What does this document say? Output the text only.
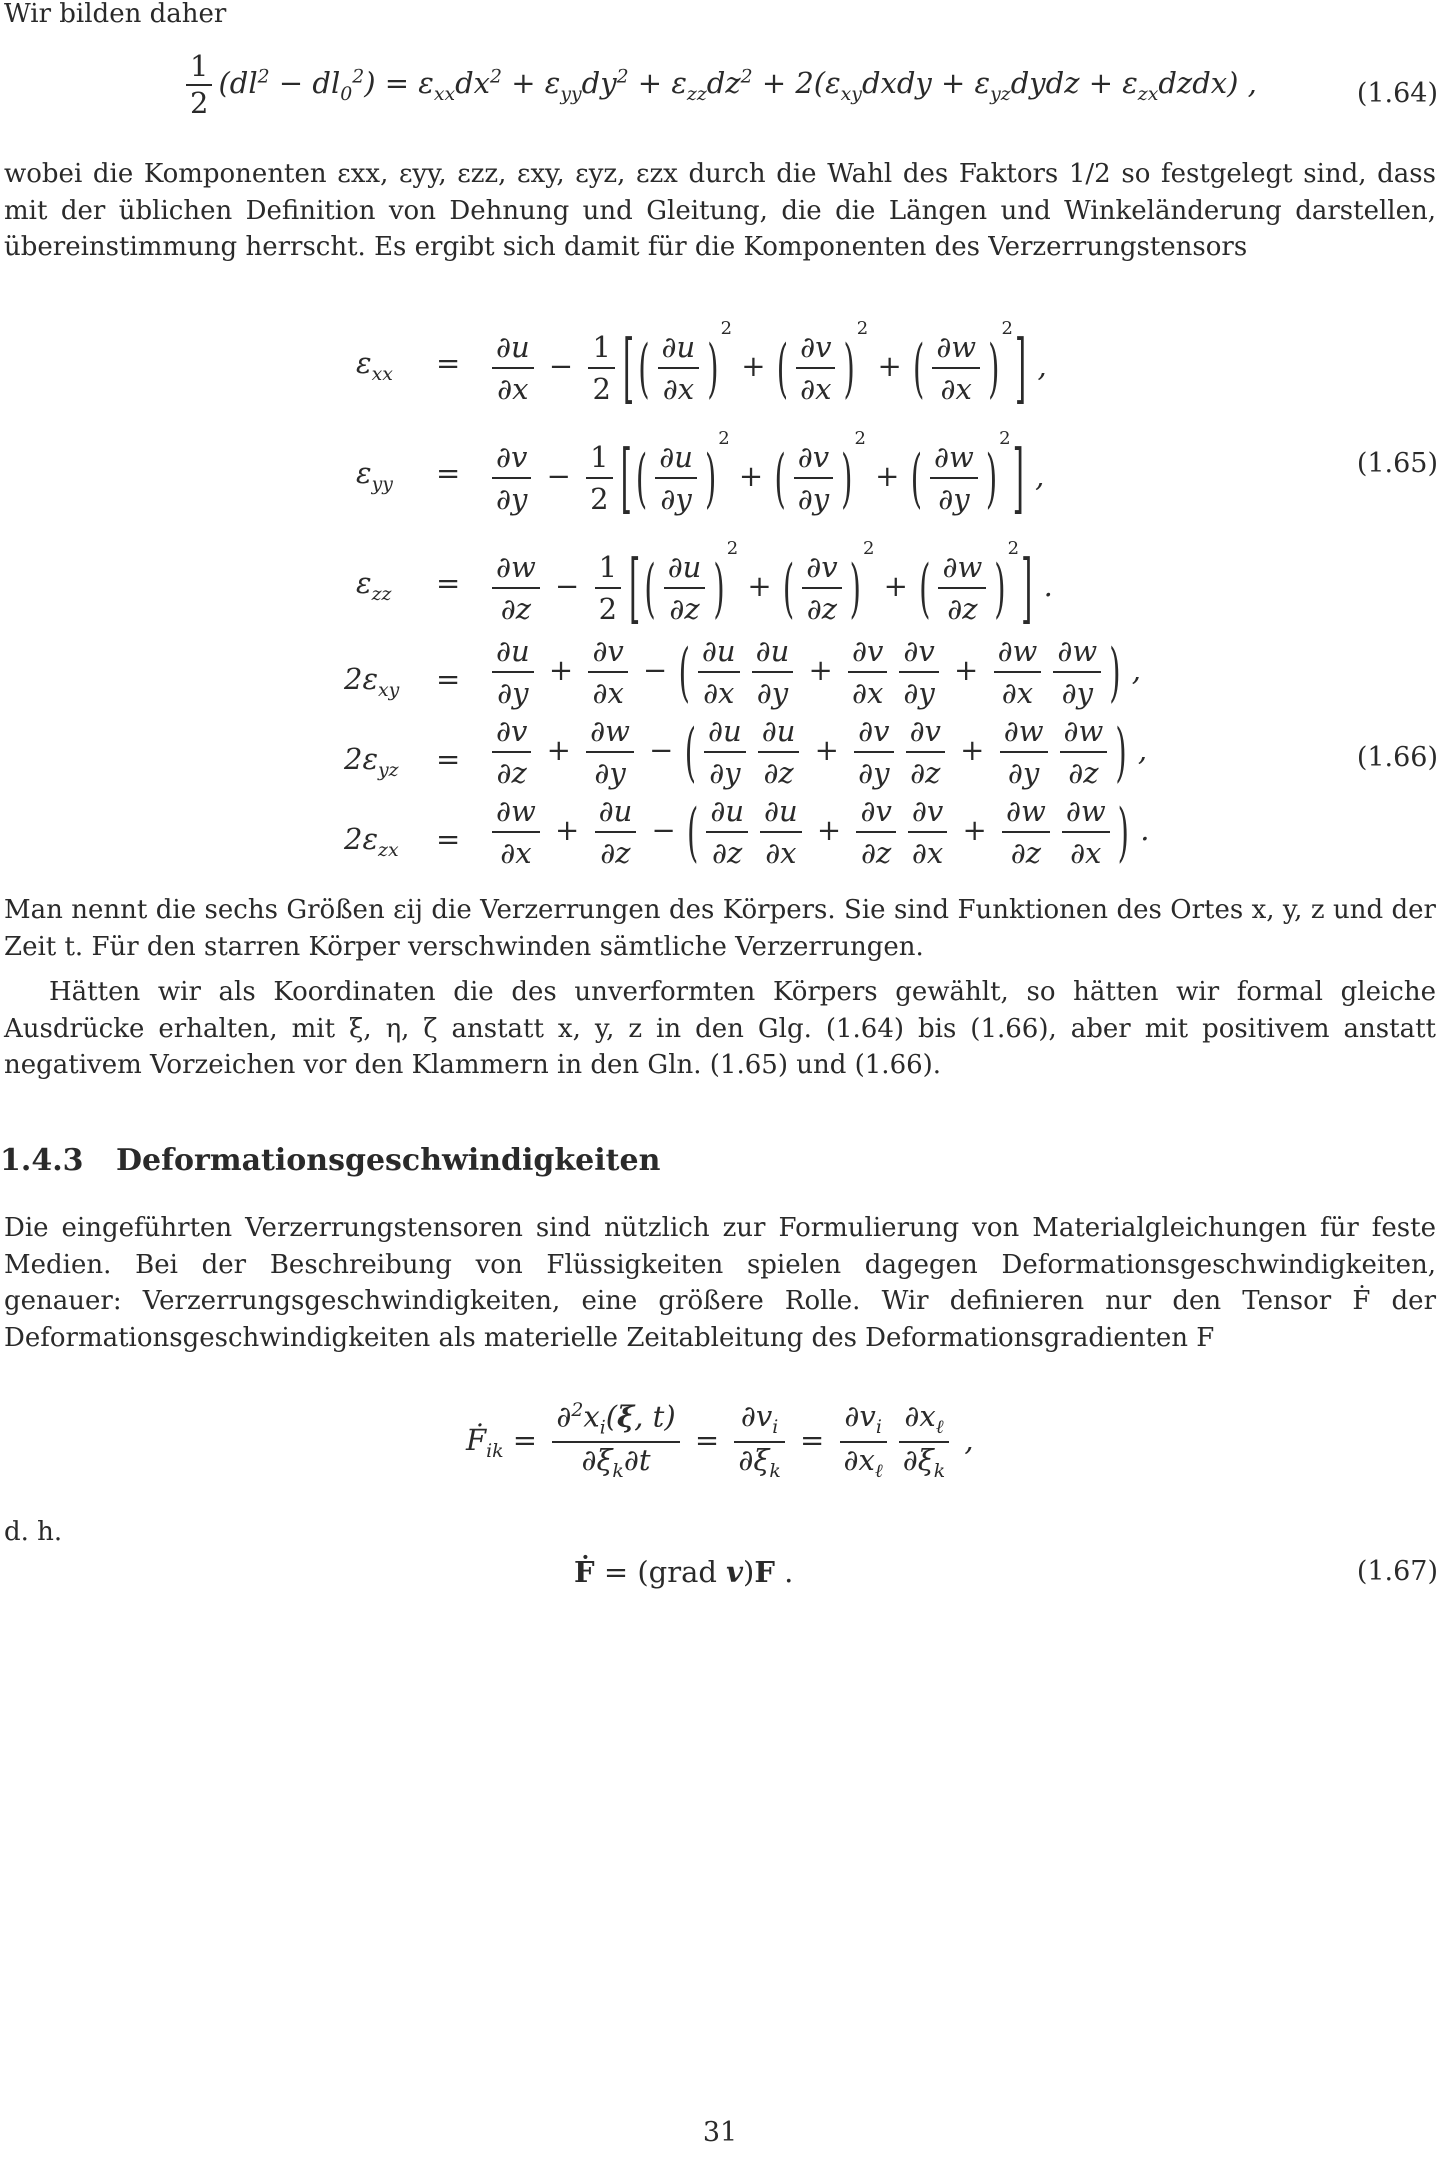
Wir bilden daher

$\frac{1}{2} (dl^2 - dl_0^2) = \varepsilon_{xx}dx^2 + \varepsilon_{yy}dy^2 + \varepsilon_{zz}dz^2$ + $2(\varepsilon_{xy}dxdy$ + $\varepsilon_{yz}dydz$ + $\varepsilon_{zx}dzdx$) ,	(1.64)

wobei die Komponenten εxx, εyy, εzz, εxy, εyz, εzx durch die Wahl des Faktors 1/2 so festgelegt sind, dass mit der üblichen Definition von Dehnung und Gleitung, die die Längen und Winkeländerung darstellen, übereinstimmung herrscht. Es ergibt sich damit für die Komponenten des Verzerrungstensors

$\varepsilon_{xx} = \frac{\partial u}{\partial x} - \frac{1}{2}$ [ ( $\frac{\partial u}{\partial x} )^2$ + ( $\frac{\partial v}{\partial x} )^2$ + ( $\frac{\partial w}{\partial x} )^2$] ,
$\varepsilon_{yy} = \frac{\partial v}{\partial y} - \frac{1}{2}$ [ ( $\frac{\partial u}{\partial y} )^2$ + ( $\frac{\partial v}{\partial y} )^2$ + ( $\frac{\partial w}{\partial y} )^2$] ,
$\varepsilon_{zz} = \frac{\partial w}{\partial z} - \frac{1}{2}$ [ ( $\frac{\partial u}{\partial z} )^2$ + ( $\frac{\partial v}{\partial z} )^2$ + ( $\frac{\partial w}{\partial z} )^2$] .
(1.65)
$2\varepsilon_{xy} = \frac{\partial u}{\partial y} + \frac{\partial v}{\partial x}$ − ( $\frac{\partial u}{\partial x} \frac{\partial u}{\partial y} + \frac{\partial v}{\partial x} \frac{\partial v}{\partial y} + \frac{\partial w}{\partial x} \frac{\partial w}{\partial y}$ ) ,
$2\varepsilon_{yz} = \frac{\partial v}{\partial z} + \frac{\partial w}{\partial y}$ − ( $\frac{\partial u}{\partial y} \frac{\partial u}{\partial z} + \frac{\partial v}{\partial y} \frac{\partial v}{\partial z} + \frac{\partial w}{\partial y} \frac{\partial w}{\partial z}$ ) ,
$2\varepsilon_{zx} = \frac{\partial w}{\partial x} + \frac{\partial u}{\partial z}$ − ( $\frac{\partial u}{\partial z} \frac{\partial u}{\partial x} + \frac{\partial v}{\partial z} \frac{\partial v}{\partial x} + \frac{\partial w}{\partial z} \frac{\partial w}{\partial x}$ ) .
(1.66)

Man nennt die sechs Größen εij die Verzerrungen des Körpers. Sie sind Funktionen des Ortes x, y, z und der Zeit t. Für den starren Körper verschwinden sämtliche Verzerrungen.

Hätten wir als Koordinaten die des unverformten Körpers gewählt, so hätten wir formal gleiche Ausdrücke erhalten, mit ξ, η, ζ anstatt x, y, z in den Glg. (1.64) bis (1.66), aber mit positivem anstatt negativem Vorzeichen vor den Klammern in den Gln. (1.65) und (1.66).

1.4.3 Deformationsgeschwindigkeiten

Die eingeführten Verzerrungstensoren sind nützlich zur Formulierung von Materialgleichungen für feste Medien. Bei der Beschreibung von Flüssigkeiten spielen dagegen Deformationsgeschwindigkeiten, genauer: Verzerrungsgeschwindigkeiten, eine größere Rolle. Wir definieren nur den Tensor Ḟ der Deformationsgeschwindigkeiten als materielle Zeitableitung des Deformationsgradienten F

Ḟ$_{ik}$ = $\frac{\partial^2x_i(\xi, t)}{\partial\xi_k\partial t} = \frac{\partial v_i}{\partial\xi_k} = \frac{\partial v_i}{\partial x_\ell} \frac{\partial x_\ell}{\partial\xi_k}$ ,

d. h.

Ḟ = (grad v)F .	(1.67)
31
